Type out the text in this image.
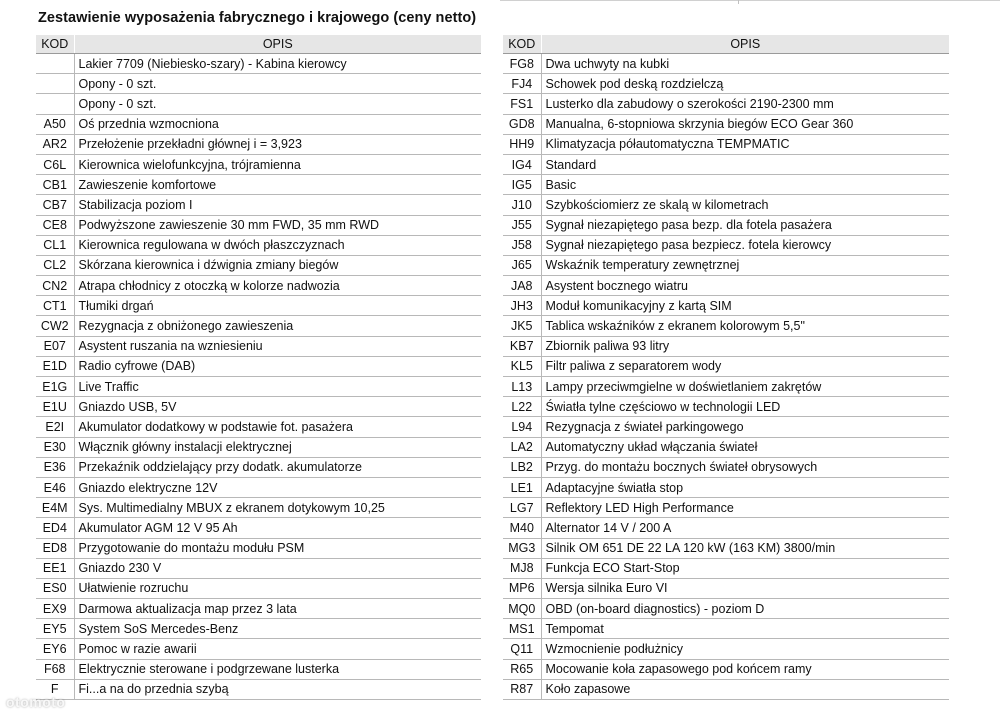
Zestawienie wyposażenia fabrycznego i krajowego (ceny netto)
KOD	OPIS
	Lakier 7709 (Niebiesko-szary) - Kabina kierowcy
	Opony - 0 szt.
	Opony - 0 szt.
A50	Oś przednia wzmocniona
AR2	Przełożenie przekładni głównej i = 3,923
C6L	Kierownica wielofunkcyjna, trójramienna
CB1	Zawieszenie komfortowe
CB7	Stabilizacja poziom I
CE8	Podwyższone zawieszenie 30 mm FWD, 35 mm RWD
CL1	Kierownica regulowana w dwóch płaszczyznach
CL2	Skórzana kierownica i dźwignia zmiany biegów
CN2	Atrapa chłodnicy z otoczką w kolorze nadwozia
CT1	Tłumiki drgań
CW2	Rezygnacja z obniżonego zawieszenia
E07	Asystent ruszania na wzniesieniu
E1D	Radio cyfrowe (DAB)
E1G	Live Traffic
E1U	Gniazdo USB, 5V
E2I	Akumulator dodatkowy w podstawie fot. pasażera
E30	Włącznik główny instalacji elektrycznej
E36	Przekaźnik oddzielający przy dodatk. akumulatorze
E46	Gniazdo elektryczne 12V
E4M	Sys. Multimedialny MBUX z ekranem dotykowym 10,25
ED4	Akumulator AGM 12 V 95 Ah
ED8	Przygotowanie do montażu modułu PSM
EE1	Gniazdo 230 V
ES0	Ułatwienie rozruchu
EX9	Darmowa aktualizacja map przez 3 lata
EY5	System SoS Mercedes-Benz
EY6	Pomoc w razie awarii
F68	Elektrycznie sterowane i podgrzewane lusterka
F	Fi...a na do przednia szybą
KOD	OPIS
FG8	Dwa uchwyty na kubki
FJ4	Schowek pod deską rozdzielczą
FS1	Lusterko dla zabudowy o szerokości 2190-2300 mm
GD8	Manualna, 6-stopniowa skrzynia biegów ECO Gear 360
HH9	Klimatyzacja półautomatyczna TEMPMATIC
IG4	Standard
IG5	Basic
J10	Szybkościomierz ze skalą w kilometrach
J55	Sygnał niezapiętego pasa bezp. dla fotela pasażera
J58	Sygnał niezapiętego pasa bezpiecz. fotela kierowcy
J65	Wskaźnik temperatury zewnętrznej
JA8	Asystent bocznego wiatru
JH3	Moduł komunikacyjny z kartą SIM
JK5	Tablica wskaźników z ekranem kolorowym 5,5"
KB7	Zbiornik paliwa 93 litry
KL5	Filtr paliwa z separatorem wody
L13	Lampy przeciwmgielne w doświetlaniem zakrętów
L22	Światła tylne częściowo w technologii LED
L94	Rezygnacja z świateł parkingowego
LA2	Automatyczny układ włączania świateł
LB2	Przyg. do montażu bocznych świateł obrysowych
LE1	Adaptacyjne światła stop
LG7	Reflektory LED High Performance
M40	Alternator 14 V / 200 A
MG3	Silnik OM 651 DE 22 LA 120 kW (163 KM) 3800/min
MJ8	Funkcja ECO Start-Stop
MP6	Wersja silnika Euro VI
MQ0	OBD (on-board diagnostics) - poziom D
MS1	Tempomat
Q11	Wzmocnienie podłużnicy
R65	Mocowanie koła zapasowego pod końcem ramy
R87	Koło zapasowe
otomoto
